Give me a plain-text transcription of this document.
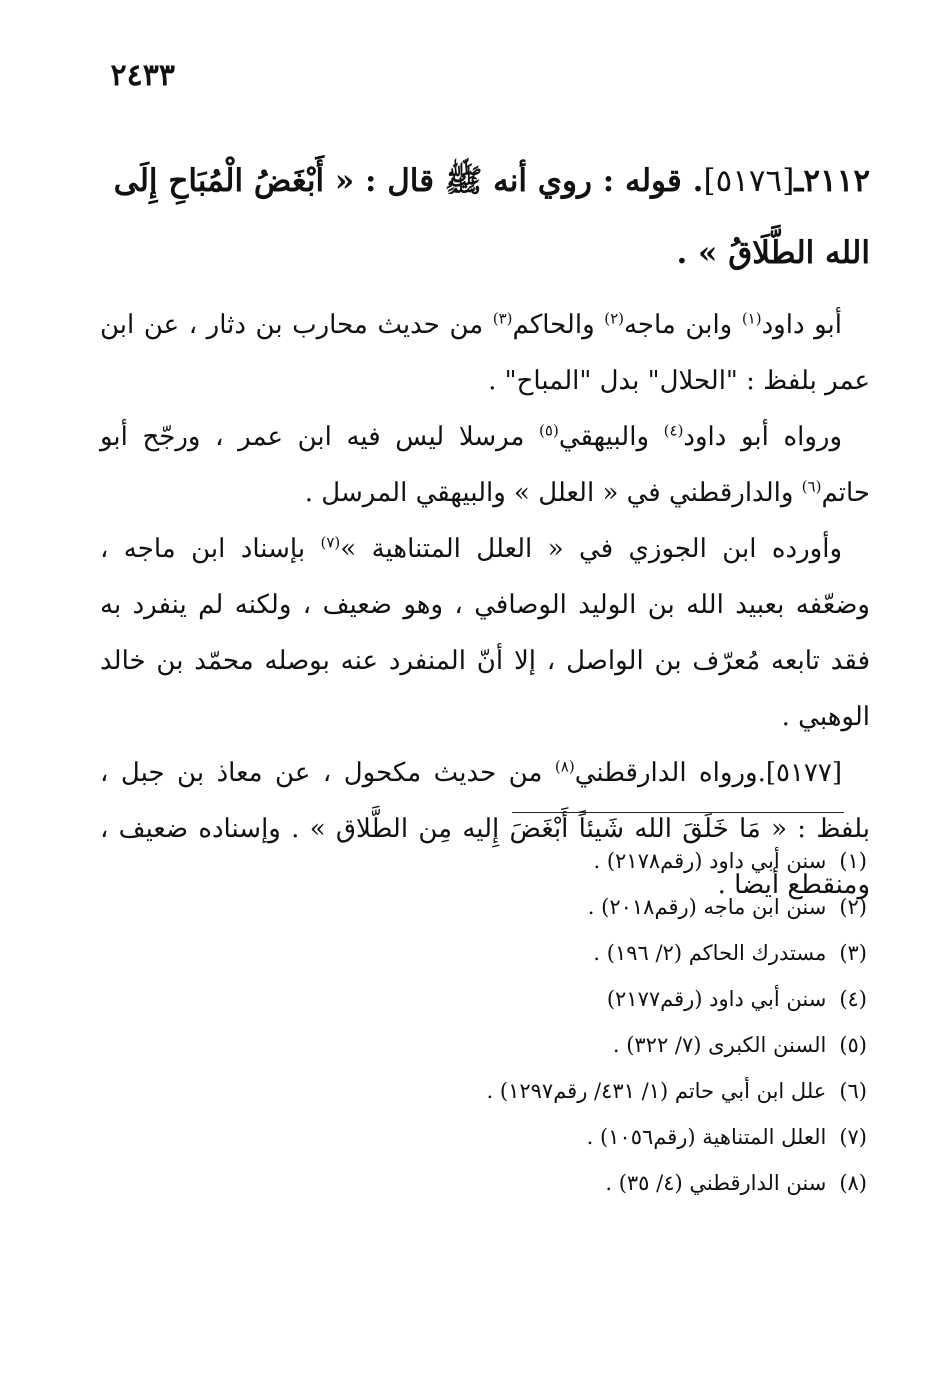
٢٤٣٣

٢١١٢ـ[٥١٧٦]. قوله : روي أنه ﷺ قال : « أَبْغَضُ الْمُبَاحِ إِلَى الله الطَّلَاقُ » .

أبو داود$^{(١)}$ وابن ماجه$^{(٢)}$ والحاكم$^{(٣)}$ من حديث محارب بن دثار ، عن ابن عمر بلفظ : "الحلال" بدل "المباح" .

ورواه أبو داود$^{(٤)}$ والبيهقي$^{(٥)}$ مرسلا ليس فيه ابن عمر ، ورجّح أبو حاتم$^{(٦)}$ والدارقطني في « العلل » والبيهقي المرسل .

وأورده ابن الجوزي في « العلل المتناهية »$^{(٧)}$ بإسناد ابن ماجه ، وضعّفه بعبيد الله بن الوليد الوصافي ، وهو ضعيف ، ولكنه لم ينفرد به فقد تابعه مُعرّف بن الواصل ، إلا أنّ المنفرد عنه بوصله محمّد بن خالد الوهبي .

[٥١٧٧].ورواه الدارقطني$^{(٨)}$ من حديث مكحول ، عن معاذ بن جبل ، بلفظ : « مَا خَلَقَ الله شَيئاً أَبْغَضَ إِليه مِن الطَّلاق » . وإسناده ضعيف ، ومنقطع أيضا .

(١) سنن أبي داود (رقم٢١٧٨) .
(٢) سنن ابن ماجه (رقم٢٠١٨) .
(٣) مستدرك الحاكم (٢/ ١٩٦) .
(٤) سنن أبي داود (رقم٢١٧٧)
(٥) السنن الكبرى (٧/ ٣٢٢) .
(٦) علل ابن أبي حاتم (١/ ٤٣١/ رقم١٢٩٧) .
(٧) العلل المتناهية (رقم١٠٥٦) .
(٨) سنن الدارقطني (٤/ ٣٥) .
